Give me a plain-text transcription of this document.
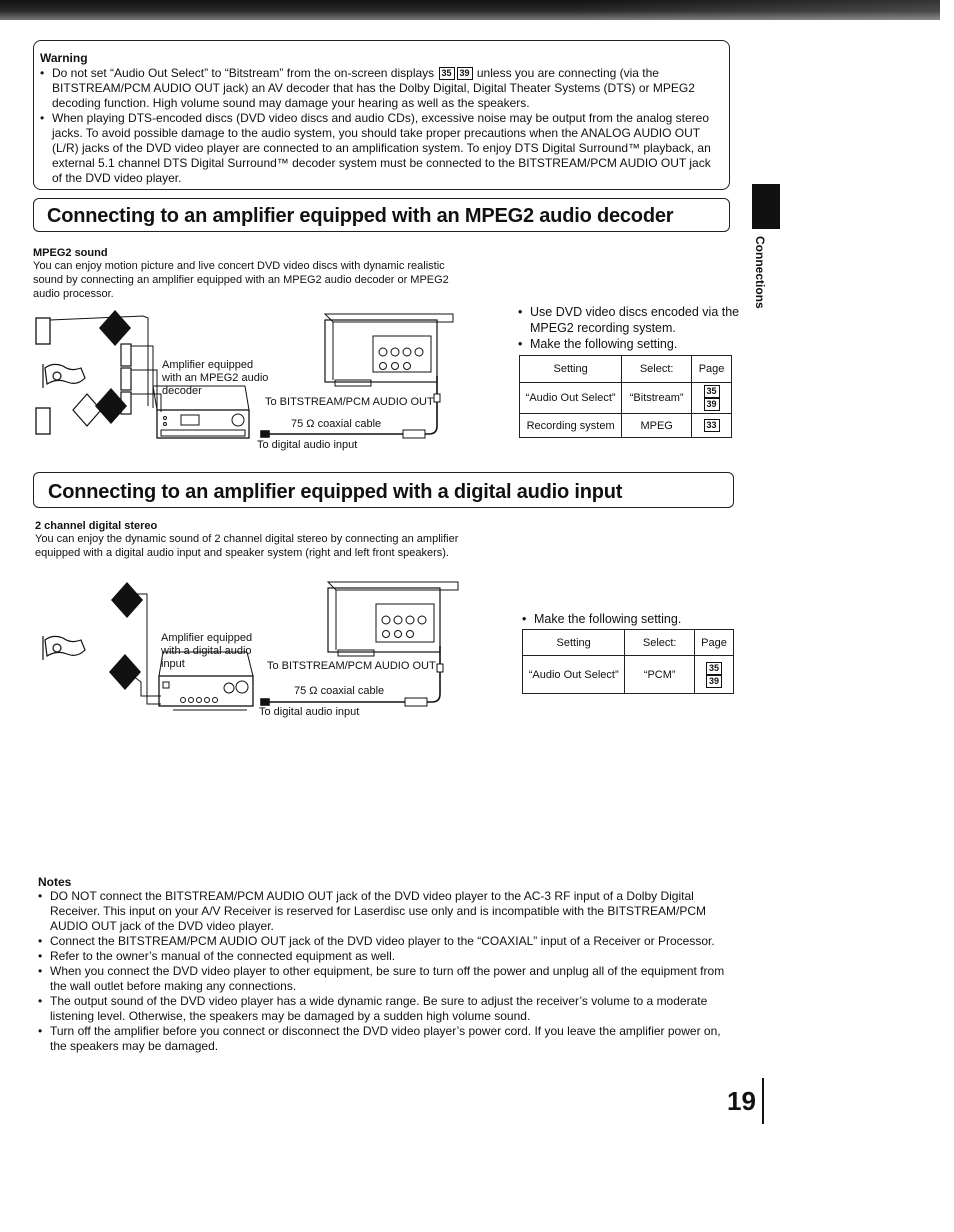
Warning
• Do not set “Audio Out Select” to “Bitstream” from the on-screen displays 35 39 unless you are connecting (via the BITSTREAM/PCM AUDIO OUT jack) an AV decoder that has the Dolby Digital, Digital Theater Systems (DTS) or MPEG2 decoding function. High volume sound may damage your hearing as well as the speakers.
• When playing DTS-encoded discs (DVD video discs and audio CDs), excessive noise may be output from the analog stereo jacks. To avoid possible damage to the audio system, you should take proper precautions when the ANALOG AUDIO OUT (L/R) jacks of the DVD video player are connected to an amplification system. To enjoy DTS Digital Surround™ playback, an external 5.1 channel DTS Digital Surround™ decoder system must be connected to the BITSTREAM/PCM AUDIO OUT jack of the DVD video player.
Connections
Connecting to an amplifier equipped with an MPEG2 audio decoder
MPEG2 sound
You can enjoy motion picture and live concert DVD video discs with dynamic realistic sound by connecting an amplifier equipped with an MPEG2 audio decoder or MPEG2 audio processor.
Amplifier equipped with an MPEG2 audio decoder
To BITSTREAM/PCM AUDIO OUT
75 Ω coaxial cable
To digital audio input
• Use DVD video discs encoded via the MPEG2 recording system.
• Make the following setting.
Setting	Select:	Page
“Audio Out Select”	“Bitstream”	35
39
Recording system	MPEG	33
Connecting to an amplifier equipped with a digital audio input
2 channel digital stereo
You can enjoy the dynamic sound of 2 channel digital stereo by connecting an amplifier equipped with a digital audio input and speaker system (right and left front speakers).
Amplifier equipped with a digital audio input	To BITSTREAM/PCM AUDIO OUT
75 Ω coaxial cable
To digital audio input
• Make the following setting.
Setting	Select:	Page
“Audio Out Select”	“PCM”	35
39
Notes
• DO NOT connect the BITSTREAM/PCM AUDIO OUT jack of the DVD video player to the AC-3 RF input of a Dolby Digital Receiver. This input on your A/V Receiver is reserved for Laserdisc use only and is incompatible with the BITSTREAM/PCM AUDIO OUT jack of the DVD video player.
• Connect the BITSTREAM/PCM AUDIO OUT jack of the DVD video player to the “COAXIAL” input of a Receiver or Processor.
• Refer to the owner’s manual of the connected equipment as well.
• When you connect the DVD video player to other equipment, be sure to turn off the power and unplug all of the equipment from the wall outlet before making any connections.
• The output sound of the DVD video player has a wide dynamic range. Be sure to adjust the receiver’s volume to a moderate listening level. Otherwise, the speakers may be damaged by a sudden high volume sound.
• Turn off the amplifier before you connect or disconnect the DVD video player’s power cord. If you leave the amplifier power on, the speakers may be damaged.
19
